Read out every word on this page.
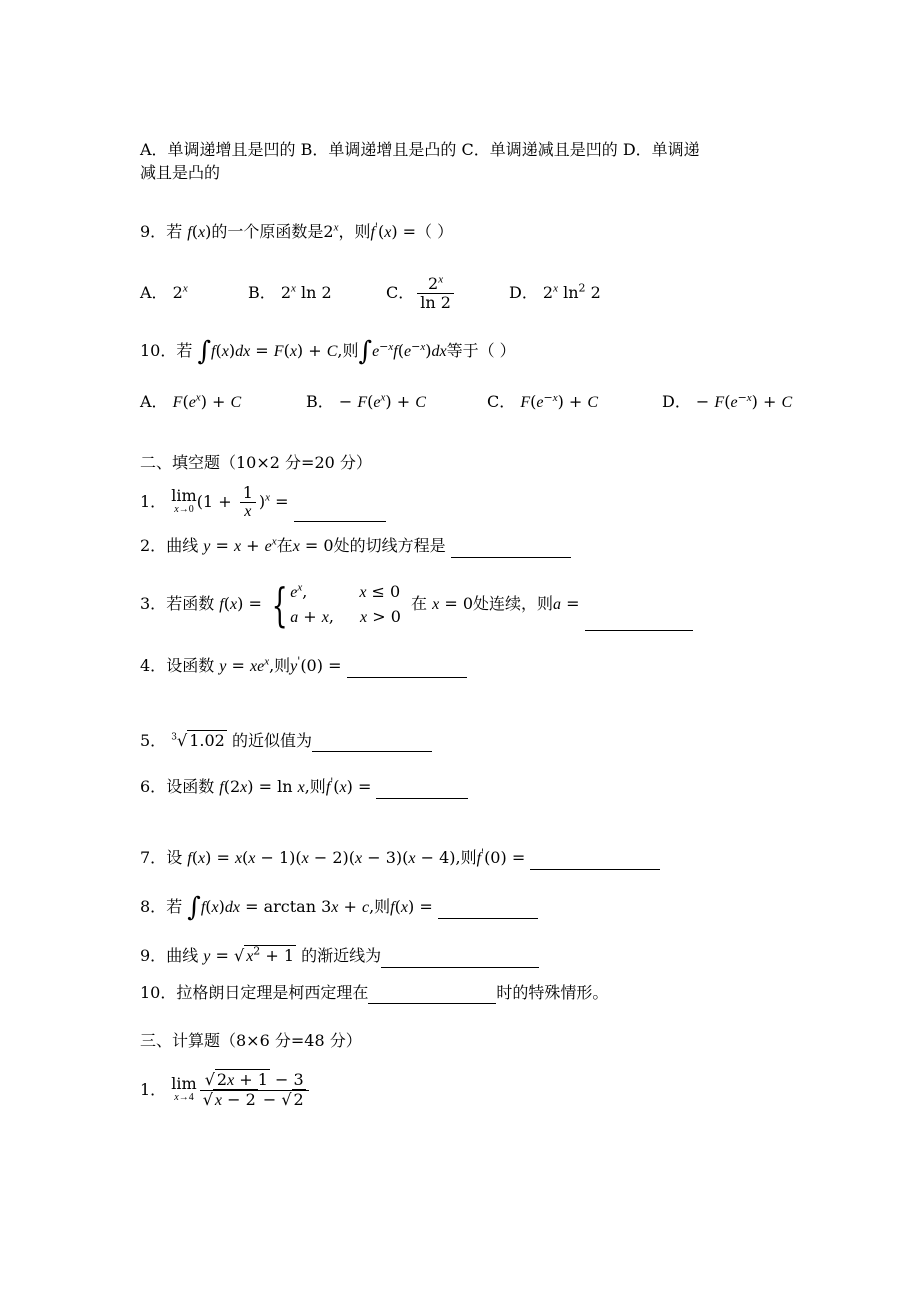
A．单调递增且是凹的 B．单调递增且是凸的 C．单调递减且是凹的 D．单调递
减且是凸的
9．若 f(x)的一个原函数是2$^x$，则f'(x) =（ ）
A． 2$^x$	B． 2$^x$ ln 2	C． $\frac{2^x}{\ln 2}$	D． 2$^x$ $\ln^2 2$
10．若 ∫f(x)dx = F(x) + C,则$\int e^{-x}f(e^{-x})dx$等于（ ）
A． $F(e^x) + C$	B． − $F(e^x) + C$	C． $F(e^{-x}) + C$	D． − $F(e^{-x}) + C$
二、填空题（10×2 分=20 分）
1． lim
x→0 $(1 + \frac{1}{x} )^x$ =
2．曲线 $y = x + e^x$在x = 0处的切线方程是
3．若函数 f(x) = { $e^x$,	x ≤ 0
a + x, x > 0
在 x = 0处连续，则a =
4．设函数 $y = xe^x$,则y'(0) =
5． $^3$√ 1.02 的近似值为
6．设函数 f(2x) = ln x,则f'(x) =
7．设 f(x) = x(x − 1)(x − 2)(x − 3)(x − 4),则f'(0) =
8．若 ∫f(x)dx = arctan 3x + c,则f(x) =
9．曲线 y = √ $x^2 + 1$ 的渐近线为
10．拉格朗日定理是柯西定理在	时的特殊情形。
三、计算题（8×6 分=48 分）
1． lim
$x\to 4 \frac{√ 2x + 1 - 3}{√ x - 2 - √ 2}$
